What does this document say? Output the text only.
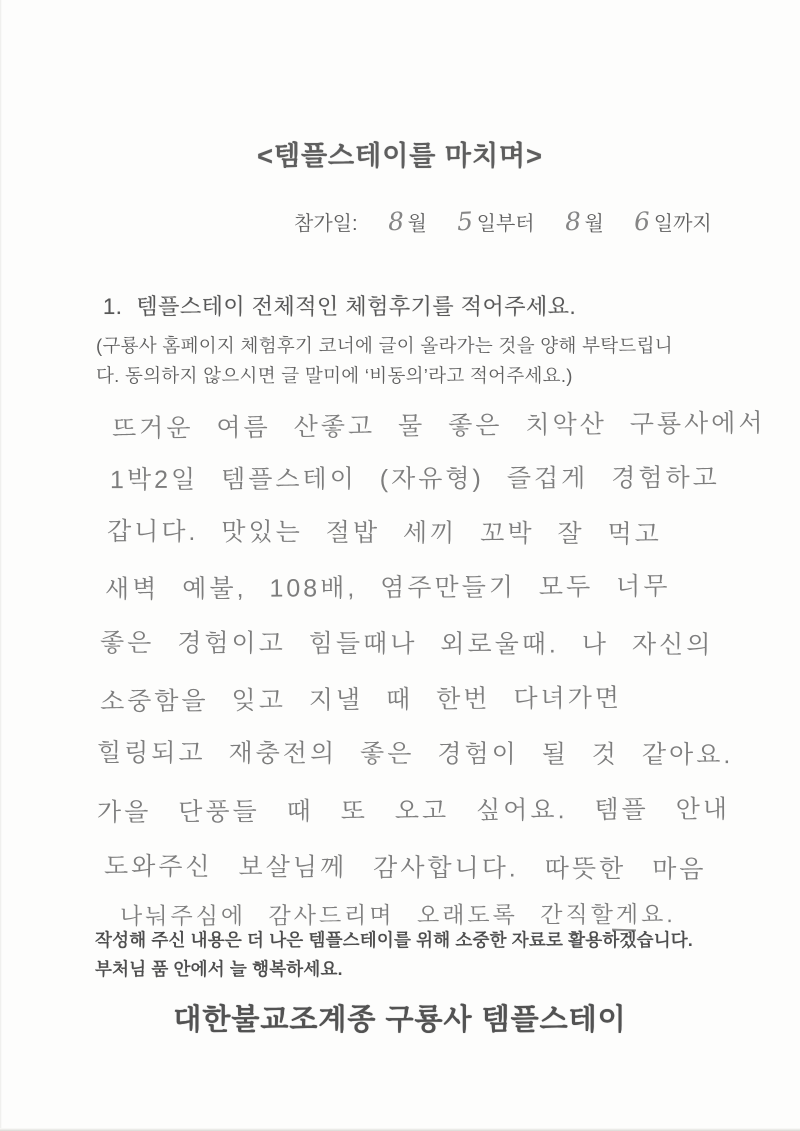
<템플스테이를 마치며>
참가일: 8 월 5 일부터 8 월 6 일까지
1. 템플스테이 전체적인 체험후기를 적어주세요.
(구룡사 홈페이지 체험후기 코너에 글이 올라가는 것을 양해 부탁드립니
다. 동의하지 않으시면 글 말미에 ‘비동의’라고 적어주세요.)
뜨거운 여름 산좋고 물 좋은 치악산 구룡사에서
1박2일 템플스테이 (자유형) 즐겁게 경험하고
갑니다. 맛있는 절밥 세끼 꼬박 잘 먹고
새벽 예불, 108배, 염주만들기 모두 너무
좋은 경험이고 힘들때나 외로울때. 나 자신의
소중함을 잊고 지낼 때 한번 다녀가면
힐링되고 재충전의 좋은 경험이 될 것 같아요.
가을 단풍들 때 또 오고 싶어요. 템플 안내
도와주신 보살님께 감사합니다. 따뜻한 마음
나눠주심에 감사드리며 오래도록 간직할게요.
작성해 주신 내용은 더 나은 템플스테이를 위해 소중한 자료로 활용하겠습니다.
부처님 품 안에서 늘 행복하세요.
대한불교조계종 구룡사 템플스테이
